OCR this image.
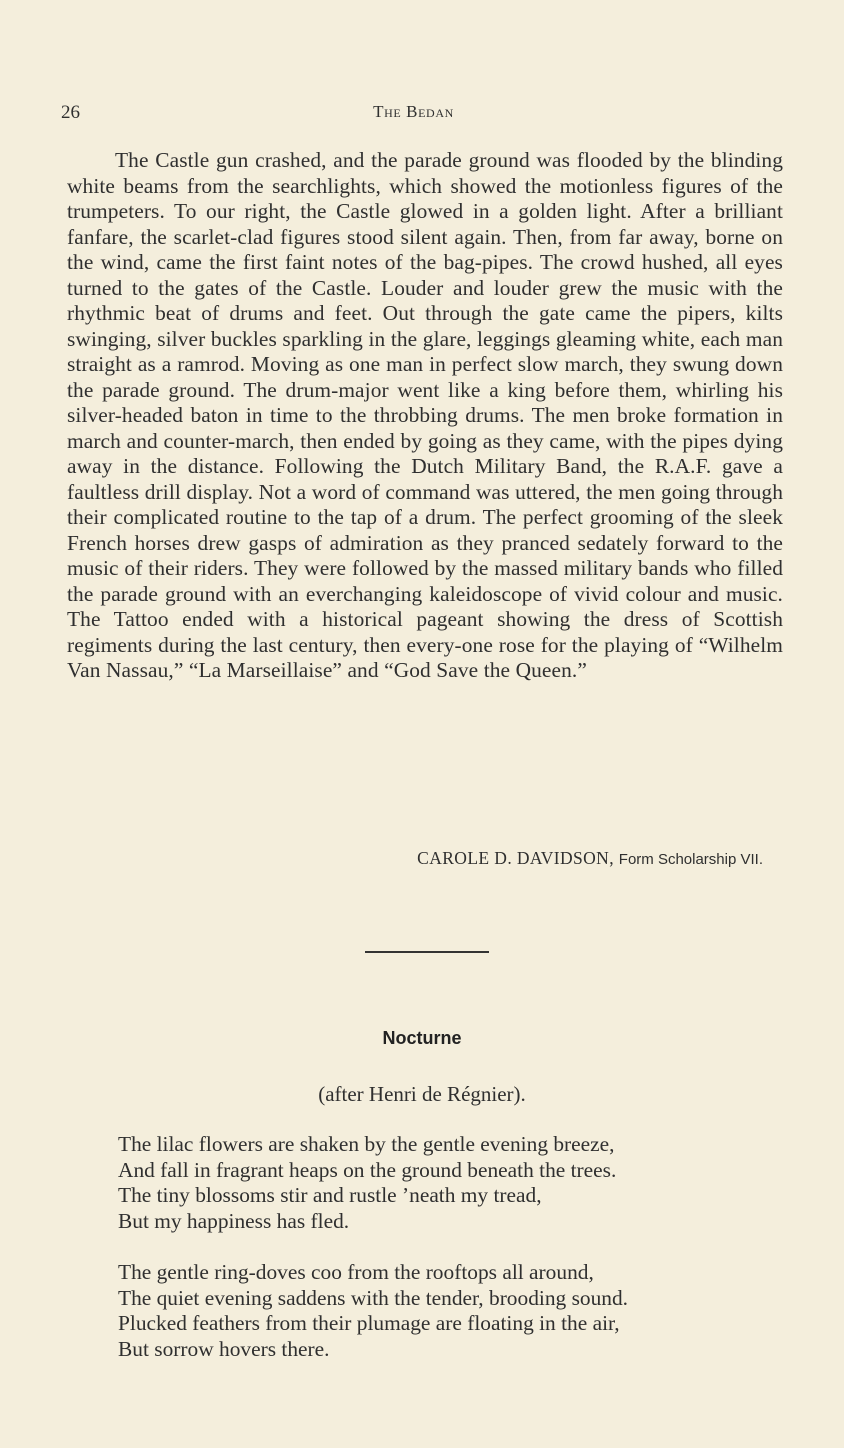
26	The Bedan

The Castle gun crashed, and the parade ground was flooded by the blinding white beams from the searchlights, which showed the motionless figures of the trumpeters. To our right, the Castle glowed in a golden light. After a brilliant fanfare, the scarlet-clad figures stood silent again. Then, from far away, borne on the wind, came the first faint notes of the bag-pipes. The crowd hushed, all eyes turned to the gates of the Castle. Louder and louder grew the music with the rhythmic beat of drums and feet. Out through the gate came the pipers, kilts swinging, silver buckles sparkling in the glare, leggings gleaming white, each man straight as a ramrod. Moving as one man in perfect slow march, they swung down the parade ground. The drum-major went like a king before them, whirling his silver-headed baton in time to the throbbing drums. The men broke formation in march and counter-march, then ended by going as they came, with the pipes dying away in the distance. Following the Dutch Military Band, the R.A.F. gave a faultless drill display. Not a word of command was uttered, the men going through their complicated routine to the tap of a drum. The perfect grooming of the sleek French horses drew gasps of admiration as they pranced sedately forward to the music of their riders. They were followed by the massed military bands who filled the parade ground with an everchanging kaleidoscope of vivid colour and music. The Tattoo ended with a historical pageant showing the dress of Scottish regiments during the last century, then every-one rose for the playing of “Wilhelm Van Nassau,” “La Marseillaise” and “God Save the Queen.”

CAROLE D. DAVIDSON, Form Scholarship VII.
Nocturne
(after Henri de Régnier).
The lilac flowers are shaken by the gentle evening breeze,
And fall in fragrant heaps on the ground beneath the trees.
The tiny blossoms stir and rustle ’neath my tread,
But my happiness has fled.
The gentle ring-doves coo from the rooftops all around,
The quiet evening saddens with the tender, brooding sound.
Plucked feathers from their plumage are floating in the air,
But sorrow hovers there.
